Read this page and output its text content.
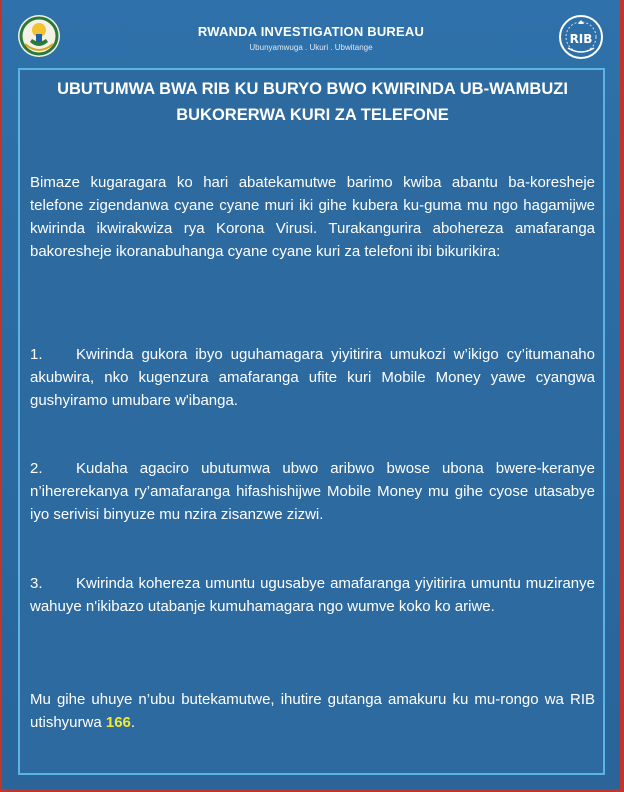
RWANDA INVESTIGATION BUREAU
Ubunyamwuga . Ukuri . Ubwitange
RIB
UBUTUMWA BWA RIB KU BURYO BWO KWIRINDA UB-WAMBUZI BUKORERWA KURI ZA TELEFONE
Bimaze kugaragara ko hari abatekamutwe barimo kwiba abantu ba-koresheje telefone zigendanwa cyane cyane muri iki gihe kubera ku-guma mu ngo hagamijwe kwirinda ikwirakwiza rya Korona Virusi. Turakangurira abohereza amafaranga bakoresheje ikoranabuhanga cyane cyane kuri za telefoni ibi bikurikira:
1. Kwirinda gukora ibyo uguhamagara yiyitirira umukozi w’ikigo cy’itumanaho akubwira, nko kugenzura amafaranga ufite kuri Mobile Money yawe cyangwa gushyiramo umubare w'ibanga.
2. Kudaha agaciro ubutumwa ubwo aribwo bwose ubona bwere-keranye n’ihererekanya ry’amafaranga hifashishijwe Mobile Money mu gihe cyose utasabye iyo serivisi binyuze mu nzira zisanzwe zizwi.
3. Kwirinda kohereza umuntu ugusabye amafaranga yiyitirira umuntu muziranye wahuye n'ikibazo utabanje kumuhamagara ngo wumve koko ko ariwe.
Mu gihe uhuye n’ubu butekamutwe, ihutire gutanga amakuru ku mu-rongo wa RIB utishyurwa 166.
